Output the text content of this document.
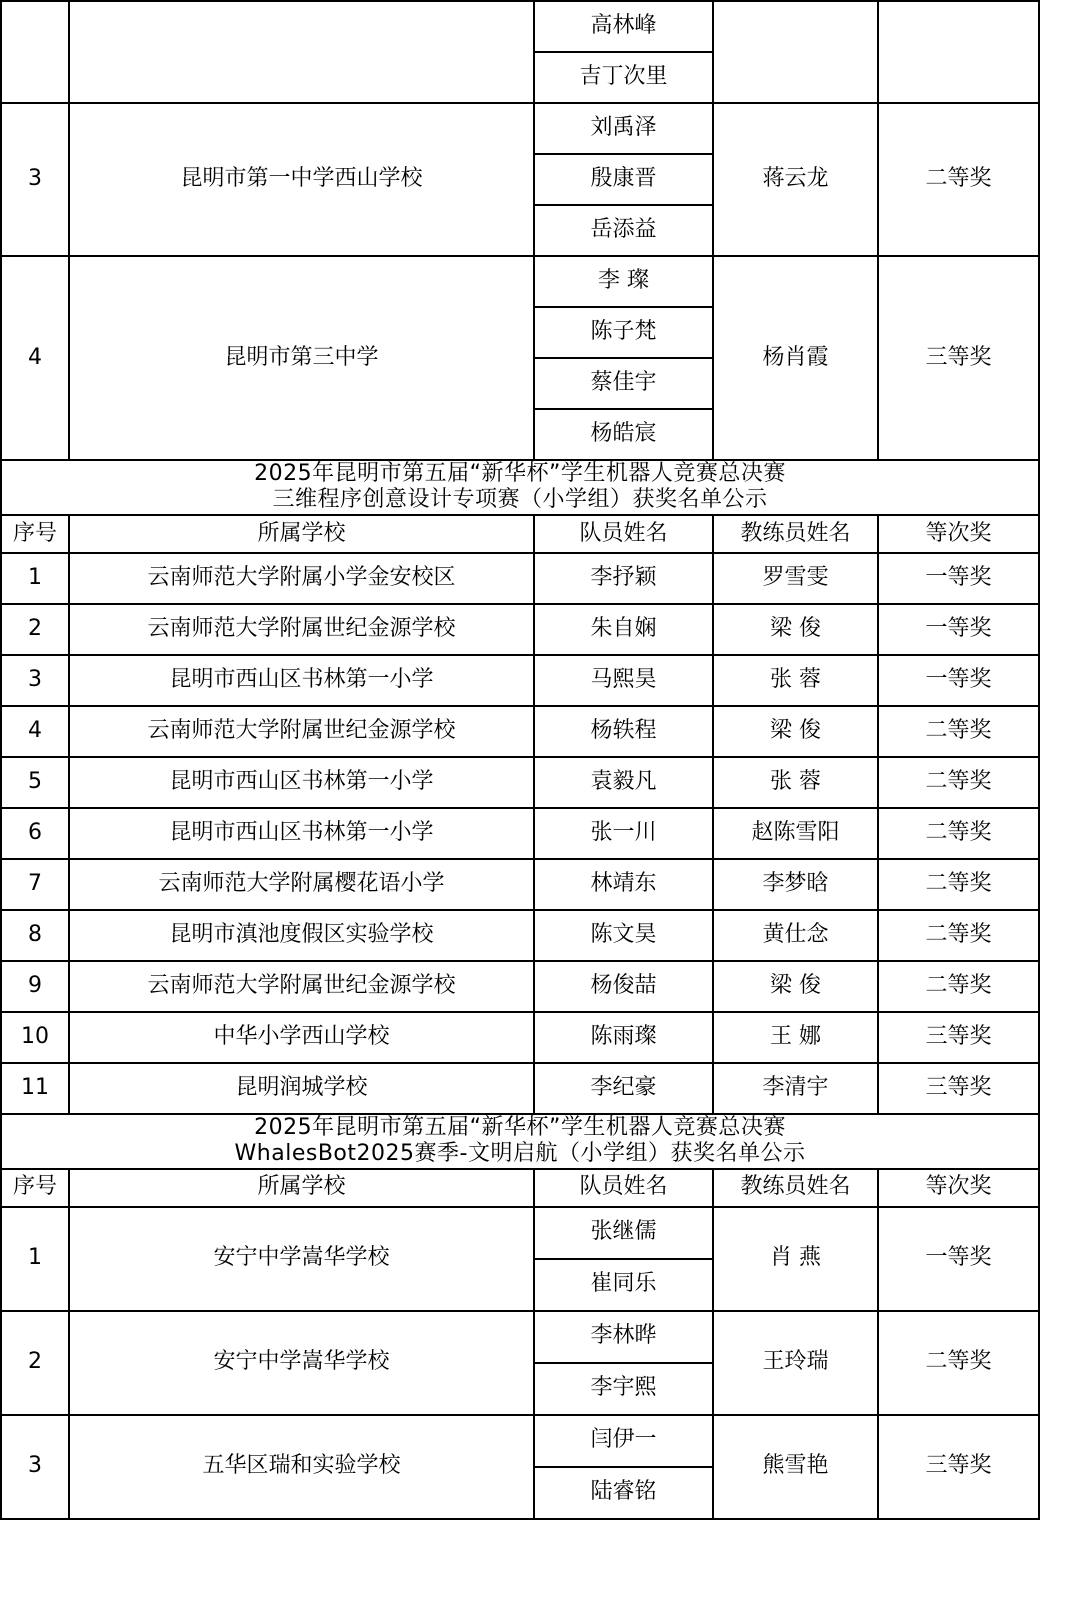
		高林峰		
		吉丁次里		
3	昆明市第一中学西山学校	刘禹泽	蒋云龙	二等奖
		殷康晋		
		岳添益		
4	昆明市第三中学	李 璨	杨肖霞	三等奖
		陈子梵		
		蔡佳宇		
		杨皓宸		

2025年昆明市第五届“新华杯”学生机器人竞赛总决赛
三维程序创意设计专项赛（小学组）获奖名单公示				

序号	所属学校	队员姓名	教练员姓名	等次奖
1	云南师范大学附属小学金安校区	李抒颖	罗雪雯	一等奖
2	云南师范大学附属世纪金源学校	朱自娴	梁 俊	一等奖
3	昆明市西山区书林第一小学	马熙昊	张 蓉	一等奖
4	云南师范大学附属世纪金源学校	杨轶程	梁 俊	二等奖
5	昆明市西山区书林第一小学	袁毅凡	张 蓉	二等奖
6	昆明市西山区书林第一小学	张一川	赵陈雪阳	二等奖
7	云南师范大学附属樱花语小学	林靖东	李梦晗	二等奖
8	昆明市滇池度假区实验学校	陈文昊	黄仕念	二等奖
9	云南师范大学附属世纪金源学校	杨俊喆	梁 俊	二等奖
10	中华小学西山学校	陈雨璨	王 娜	三等奖
11	昆明润城学校	李纪豪	李清宇	三等奖

2025年昆明市第五届“新华杯”学生机器人竞赛总决赛
WhalesBot2025赛季-文明启航（小学组）获奖名单公示				

序号	所属学校	队员姓名	教练员姓名	等次奖
1	安宁中学嵩华学校	张继儒	肖 燕	一等奖
		崔同乐		
2	安宁中学嵩华学校	李林晔	王玲瑞	二等奖
		李宇熙		
3	五华区瑞和实验学校	闫伊一	熊雪艳	三等奖
		陆睿铭		
